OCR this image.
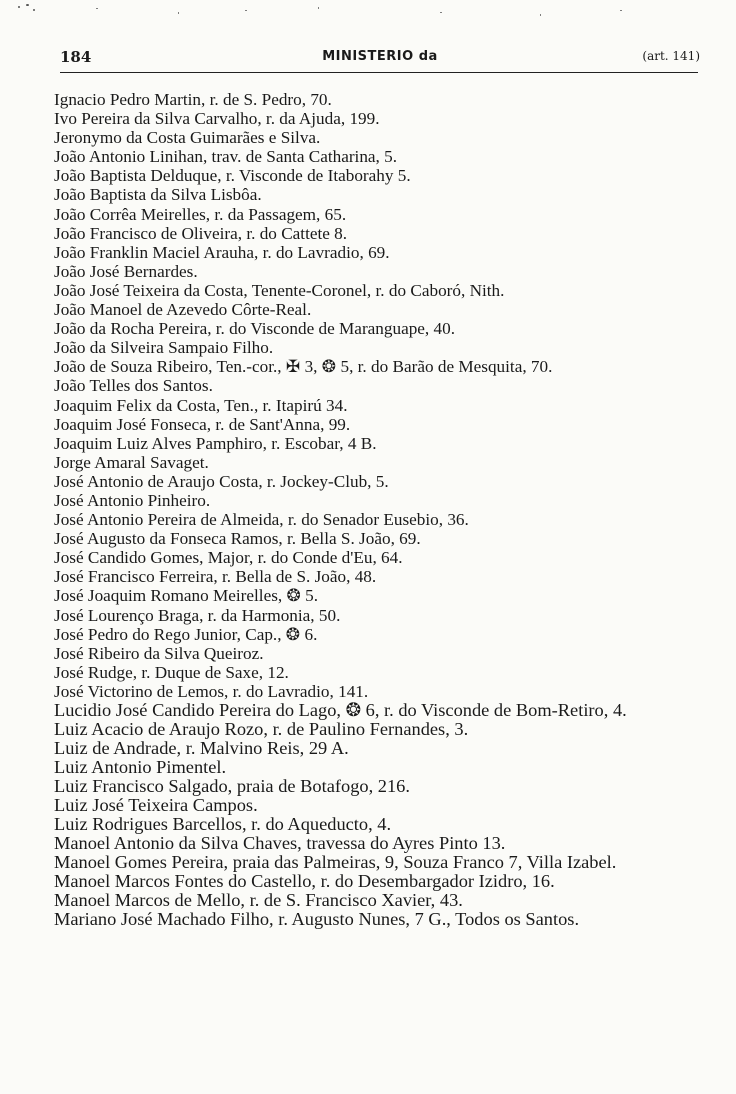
184	MINISTERIO da	(art. 141)
Ignacio Pedro Martin, r. de S. Pedro, 70.
Ivo Pereira da Silva Carvalho, r. da Ajuda, 199.
Jeronymo da Costa Guimarães e Silva.
João Antonio Linihan, trav. de Santa Catharina, 5.
João Baptista Delduque, r. Visconde de Itaborahy 5.
João Baptista da Silva Lisbôa.
João Corrêa Meirelles, r. da Passagem, 65.
João Francisco de Oliveira, r. do Cattete 8.
João Franklin Maciel Arauha, r. do Lavradio, 69.
João José Bernardes.
João José Teixeira da Costa, Tenente-Coronel, r. do Caboró, Nith.
João Manoel de Azevedo Côrte-Real.
João da Rocha Pereira, r. do Visconde de Maranguape, 40.
João da Silveira Sampaio Filho.
João de Souza Ribeiro, Ten.-cor., ✠ 3, ❂ 5, r. do Barão de Mesquita, 70.
João Telles dos Santos.
Joaquim Felix da Costa, Ten., r. Itapirú 34.
Joaquim José Fonseca, r. de Sant'Anna, 99.
Joaquim Luiz Alves Pamphiro, r. Escobar, 4 B.
Jorge Amaral Savaget.
José Antonio de Araujo Costa, r. Jockey-Club, 5.
José Antonio Pinheiro.
José Antonio Pereira de Almeida, r. do Senador Eusebio, 36.
José Augusto da Fonseca Ramos, r. Bella S. João, 69.
José Candido Gomes, Major, r. do Conde d'Eu, 64.
José Francisco Ferreira, r. Bella de S. João, 48.
José Joaquim Romano Meirelles, ❂ 5.
José Lourenço Braga, r. da Harmonia, 50.
José Pedro do Rego Junior, Cap., ❂ 6.
José Ribeiro da Silva Queiroz.
José Rudge, r. Duque de Saxe, 12.
José Victorino de Lemos, r. do Lavradio, 141.
Lucidio José Candido Pereira do Lago, ❂ 6, r. do Visconde de Bom-Retiro, 4.
Luiz Acacio de Araujo Rozo, r. de Paulino Fernandes, 3.
Luiz de Andrade, r. Malvino Reis, 29 A.
Luiz Antonio Pimentel.
Luiz Francisco Salgado, praia de Botafogo, 216.
Luiz José Teixeira Campos.
Luiz Rodrigues Barcellos, r. do Aqueducto, 4.
Manoel Antonio da Silva Chaves, travessa do Ayres Pinto 13.
Manoel Gomes Pereira, praia das Palmeiras, 9, Souza Franco 7, Villa Izabel.
Manoel Marcos Fontes do Castello, r. do Desembargador Izidro, 16.
Manoel Marcos de Mello, r. de S. Francisco Xavier, 43.
Mariano José Machado Filho, r. Augusto Nunes, 7 G., Todos os Santos.
